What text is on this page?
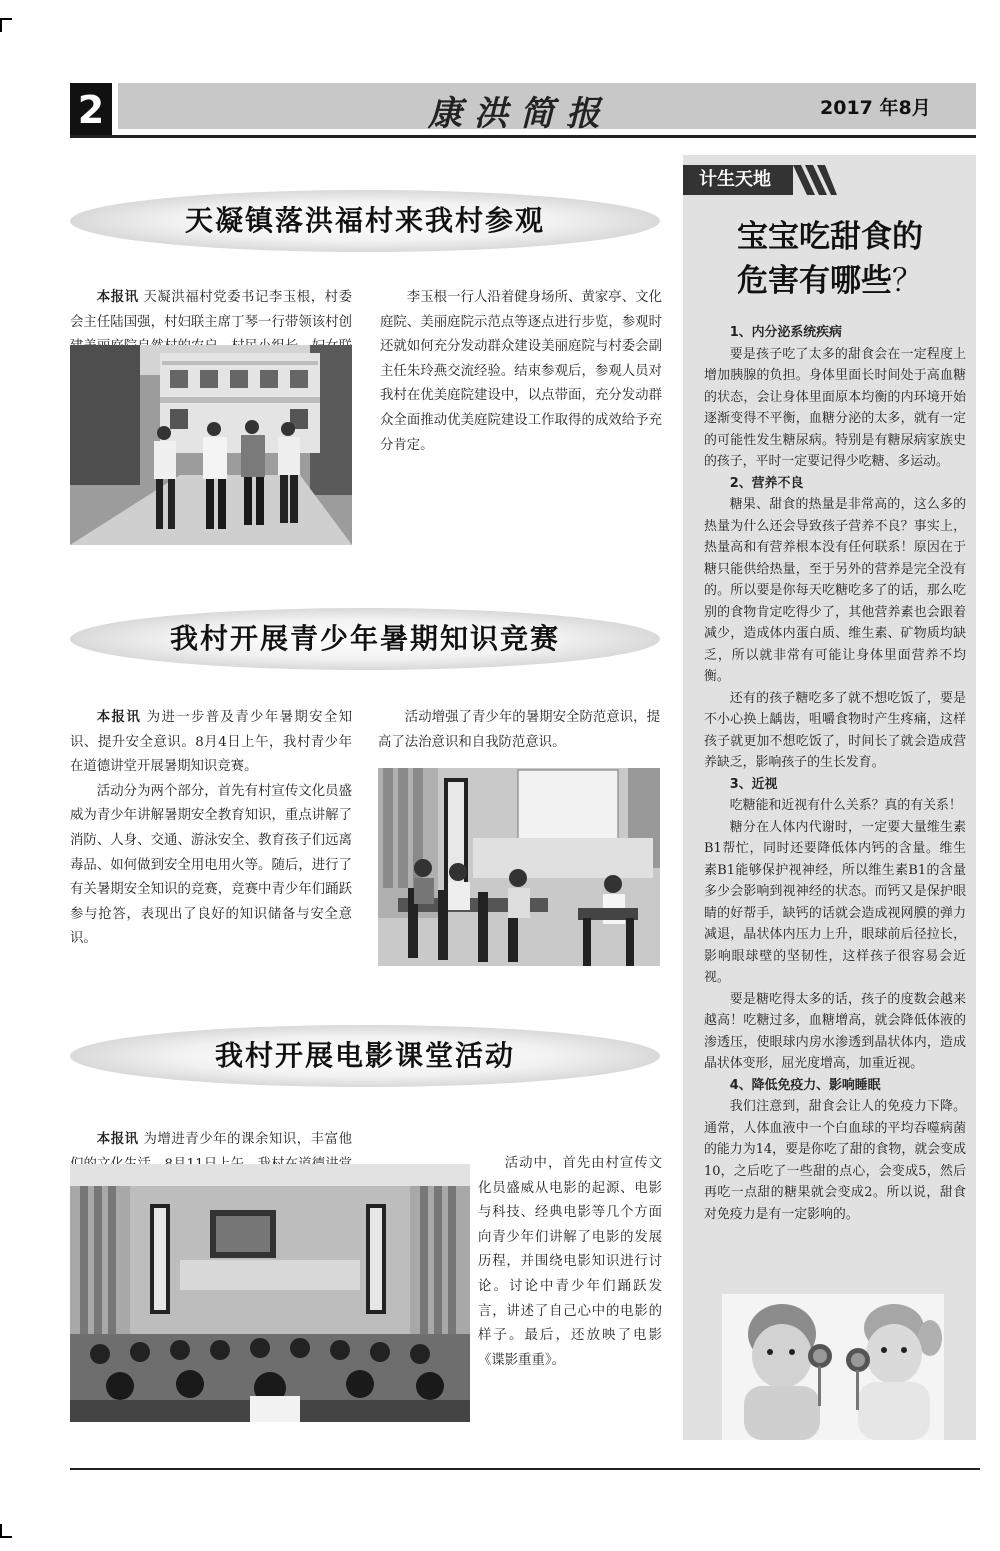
2	康洪简报	2017 年8月
天凝镇落洪福村来我村参观

本报讯 天凝洪福村党委书记李玉根，村委会主任陆国强，村妇联主席丁琴一行带领该村创

李玉根一行人沿着健身场所、黄家亭、文化庭院、美丽庭院示范点等逐点进行步览，参观时还就如何充分发动群众建设美丽庭院与村委会副主任朱玲燕交流经验。结束参观后，参观人员对我村在优美庭院建设中，以点带面，充分发动群众全面推动优美庭院建设工作取得的成效给予充分肯定。

我村开展青少年暑期知识竞赛

本报讯 为进一步普及青少年暑期安全知识、提升安全意识。8月4日上午，我村青少年在道德讲堂开展暑期知识竞赛。

活动分为两个部分，首先有村宣传文化员盛威为青少年讲解暑期安全教育知识，重点讲解了消防、人身、交通、游泳安全、教育孩子们远离毒品、如何做到安全用电用火等。随后，进行了有关暑期安全知识的竞赛，竞赛中青少年们踊跃参与抢答，表现出了良好的知识储备与安全意识。

活动增强了青少年的暑期安全防范意识，提高了法治意识和自我防范意识。

我村开展电影课堂活动

本报讯 为增进青少年的课余知识，丰富他

活动中，首先由村宣传文化员盛威从电影的起源、电影与科技、经典电影等几个方面向青少年们讲解了电影的发展历程，并围绕电影知识进行讨论。讨论中青少年们踊跃发言，讲述了自己心中的电影的样子。最后，还放映了电影《谍影重重》。

计生天地
宝宝吃甜食的
危害有哪些？
1、内分泌系统疾病

要是孩子吃了太多的甜食会在一定程度上增加胰腺的负担。身体里面长时间处于高血糖的状态，会让身体里面原本均衡的内环境开始逐渐变得不平衡，血糖分泌的太多，就有一定的可能性发生糖尿病。特别是有糖尿病家族史的孩子，平时一定要记得少吃糖、多运动。

2、营养不良

糖果、甜食的热量是非常高的，这么多的热量为什么还会导致孩子营养不良？事实上，热量高和有营养根本没有任何联系！原因在于糖只能供给热量，至于另外的营养是完全没有的。所以要是你每天吃糖吃多了的话，那么吃别的食物肯定吃得少了，其他营养素也会跟着减少，造成体内蛋白质、维生素、矿物质均缺乏，所以就非常有可能让身体里面营养不均衡。

还有的孩子糖吃多了就不想吃饭了，要是不小心换上龋齿，咀嚼食物时产生疼痛，这样孩子就更加不想吃饭了，时间长了就会造成营养缺乏，影响孩子的生长发育。

3、近视

吃糖能和近视有什么关系？真的有关系！

糖分在人体内代谢时，一定要大量维生素B1帮忙，同时还要降低体内钙的含量。维生素B1能够保护视神经，所以维生素B1的含量多少会影响到视神经的状态。而钙又是保护眼睛的好帮手，缺钙的话就会造成视网膜的弹力减退，晶状体内压力上升，眼球前后径拉长，影响眼球壁的坚韧性，这样孩子很容易会近视。

要是糖吃得太多的话，孩子的度数会越来越高！吃糖过多，血糖增高，就会降低体液的渗透压，使眼球内房水渗透到晶状体内，造成晶状体变形，屈光度增高，加重近视。

4、降低免疫力、影响睡眠

我们注意到，甜食会让人的免疫力下降。通常，人体血液中一个白血球的平均吞噬病菌的能力为14，要是你吃了甜的食物，就会变成10，之后吃了一些甜的点心，会变成5，然后再吃一点甜的糖果就会变成2。所以说，甜食对免疫力是有一定影响的。
